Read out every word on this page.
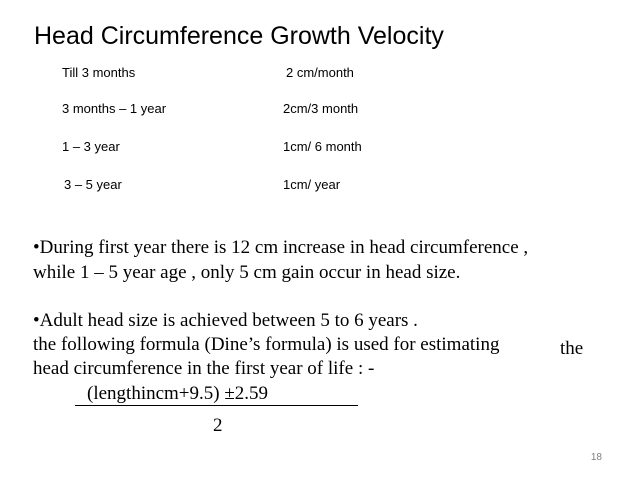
Head Circumference Growth Velocity
Till 3 months	2 cm/month
3 months – 1 year	2cm/3 month
1 – 3 year	1cm/ 6 month
3 – 5 year	1cm/ year
•During first year there is 12 cm increase in head circumference ,
while 1 – 5 year age , only 5 cm gain occur in head size.
•Adult head size is achieved between 5 to 6 years .
the following formula (Dine’s formula) is used for estimating	the
head circumference in the first year of life : -
(lengthincm+9.5) ±2.59
2
18
